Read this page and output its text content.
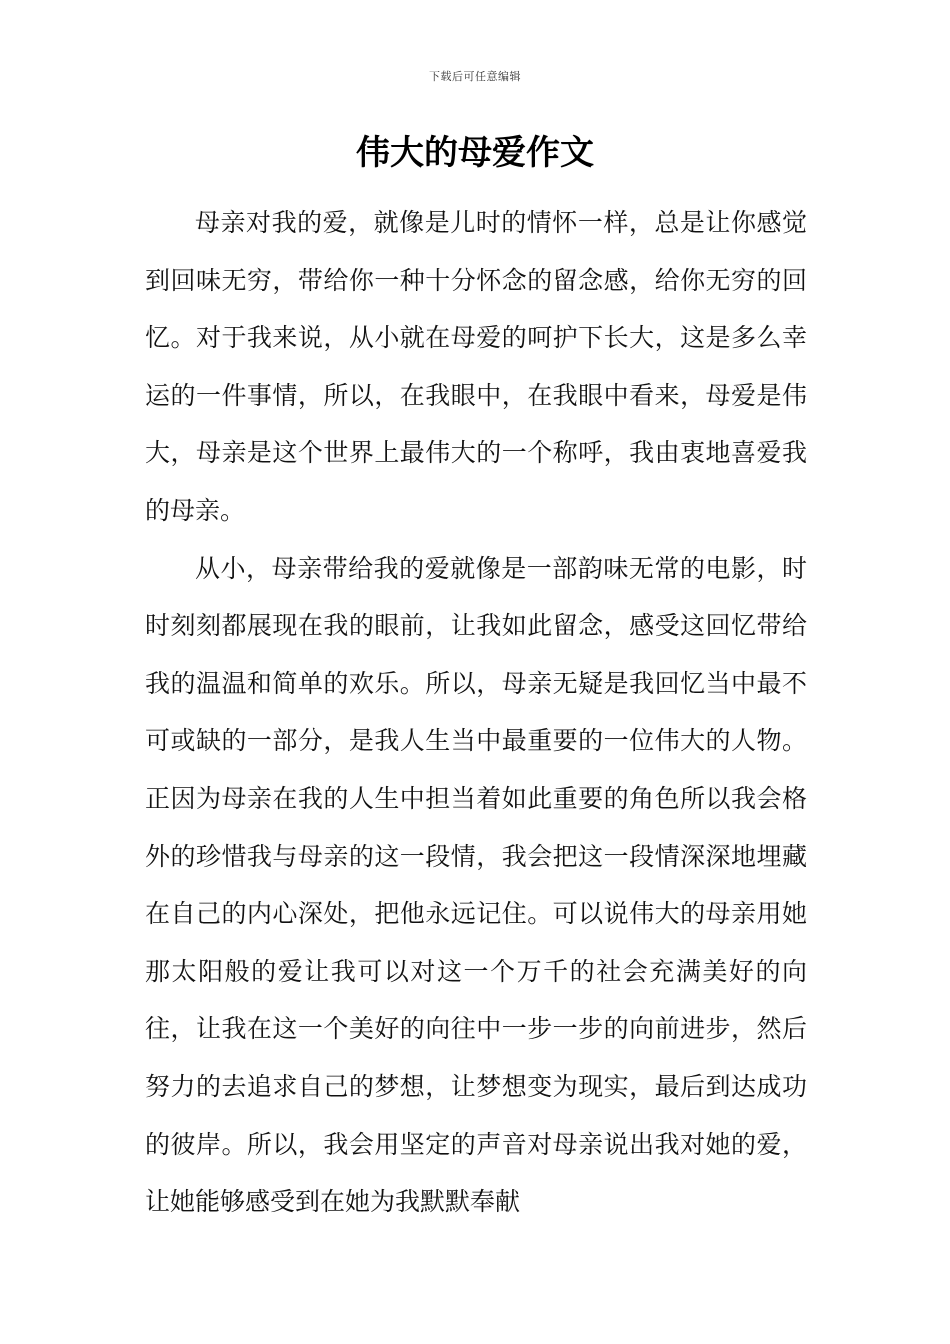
下载后可任意编辑
伟大的母爱作文

母亲对我的爱，就像是儿时的情怀一样，总是让你感觉到回味无穷，带给你一种十分怀念的留念感，给你无穷的回忆。对于我来说，从小就在母爱的呵护下长大，这是多么幸运的一件事情，所以，在我眼中，在我眼中看来，母爱是伟大，母亲是这个世界上最伟大的一个称呼，我由衷地喜爱我的母亲。

从小，母亲带给我的爱就像是一部韵味无常的电影，时时刻刻都展现在我的眼前，让我如此留念，感受这回忆带给我的温温和简单的欢乐。所以，母亲无疑是我回忆当中最不可或缺的一部分，是我人生当中最重要的一位伟大的人物。正因为母亲在我的人生中担当着如此重要的角色所以我会格外的珍惜我与母亲的这一段情，我会把这一段情深深地埋藏在自己的内心深处，把他永远记住。可以说伟大的母亲用她那太阳般的爱让我可以对这一个万千的社会充满美好的向往，让我在这一个美好的向往中一步一步的向前进步，然后努力的去追求自己的梦想，让梦想变为现实，最后到达成功的彼岸。所以，我会用坚定的声音对母亲说出我对她的爱，让她能够感受到在她为我默默奉献
